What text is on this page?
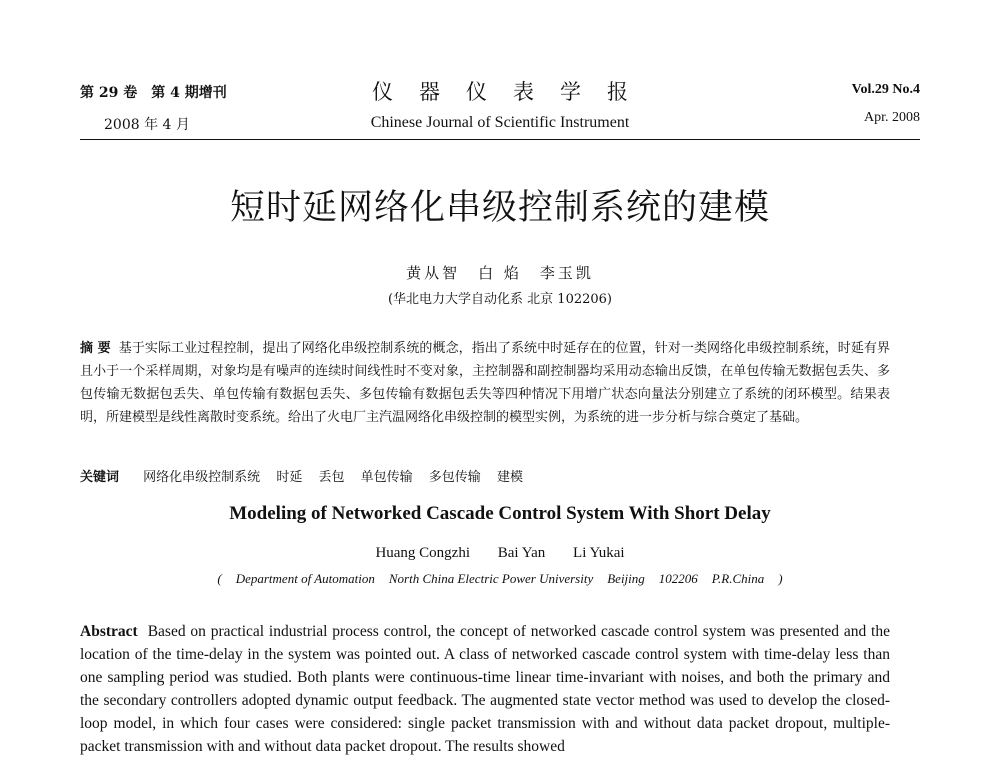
第 29 卷　第 4 期增刊
2008 年 4 月
仪器仪表学报
Chinese Journal of Scientific Instrument
Vol.29 No.4
Apr. 2008
短时延网络化串级控制系统的建模
黄从智　白 焰　李玉凯
(华北电力大学自动化系 北京 102206)
摘 要 基于实际工业过程控制，提出了网络化串级控制系统的概念，指出了系统中时延存在的位置，针对一类网络化串级控制系统，时延有界且小于一个采样周期，对象均是有噪声的连续时间线性时不变对象，主控制器和副控制器均采用动态输出反馈，在单包传输无数据包丢失、多包传输无数据包丢失、单包传输有数据包丢失、多包传输有数据包丢失等四种情况下用增广状态向量法分别建立了系统的闭环模型。结果表明，所建模型是线性离散时变系统。给出了火电厂主汽温网络化串级控制的模型实例，为系统的进一步分析与综合奠定了基础。
关键词 网络化串级控制系统 时延 丢包 单包传输 多包传输 建模
Modeling of Networked Cascade Control System With Short Delay
Huang Congzhi Bai Yan Li Yukai
( Department of Automation North China Electric Power University Beijing 102206 P.R.China )
Abstract Based on practical industrial process control, the concept of networked cascade control system was presented and the location of the time-delay in the system was pointed out. A class of networked cascade control system with time-delay less than one sampling period was studied. Both plants were continuous-time linear time-invariant with noises, and both the primary and the secondary controllers adopted dynamic output feedback. The augmented state vector method was used to develop the closed-loop model, in which four cases were considered: single packet transmission with and without data packet dropout, multiple-packet transmission with and without data packet dropout. The results showed
